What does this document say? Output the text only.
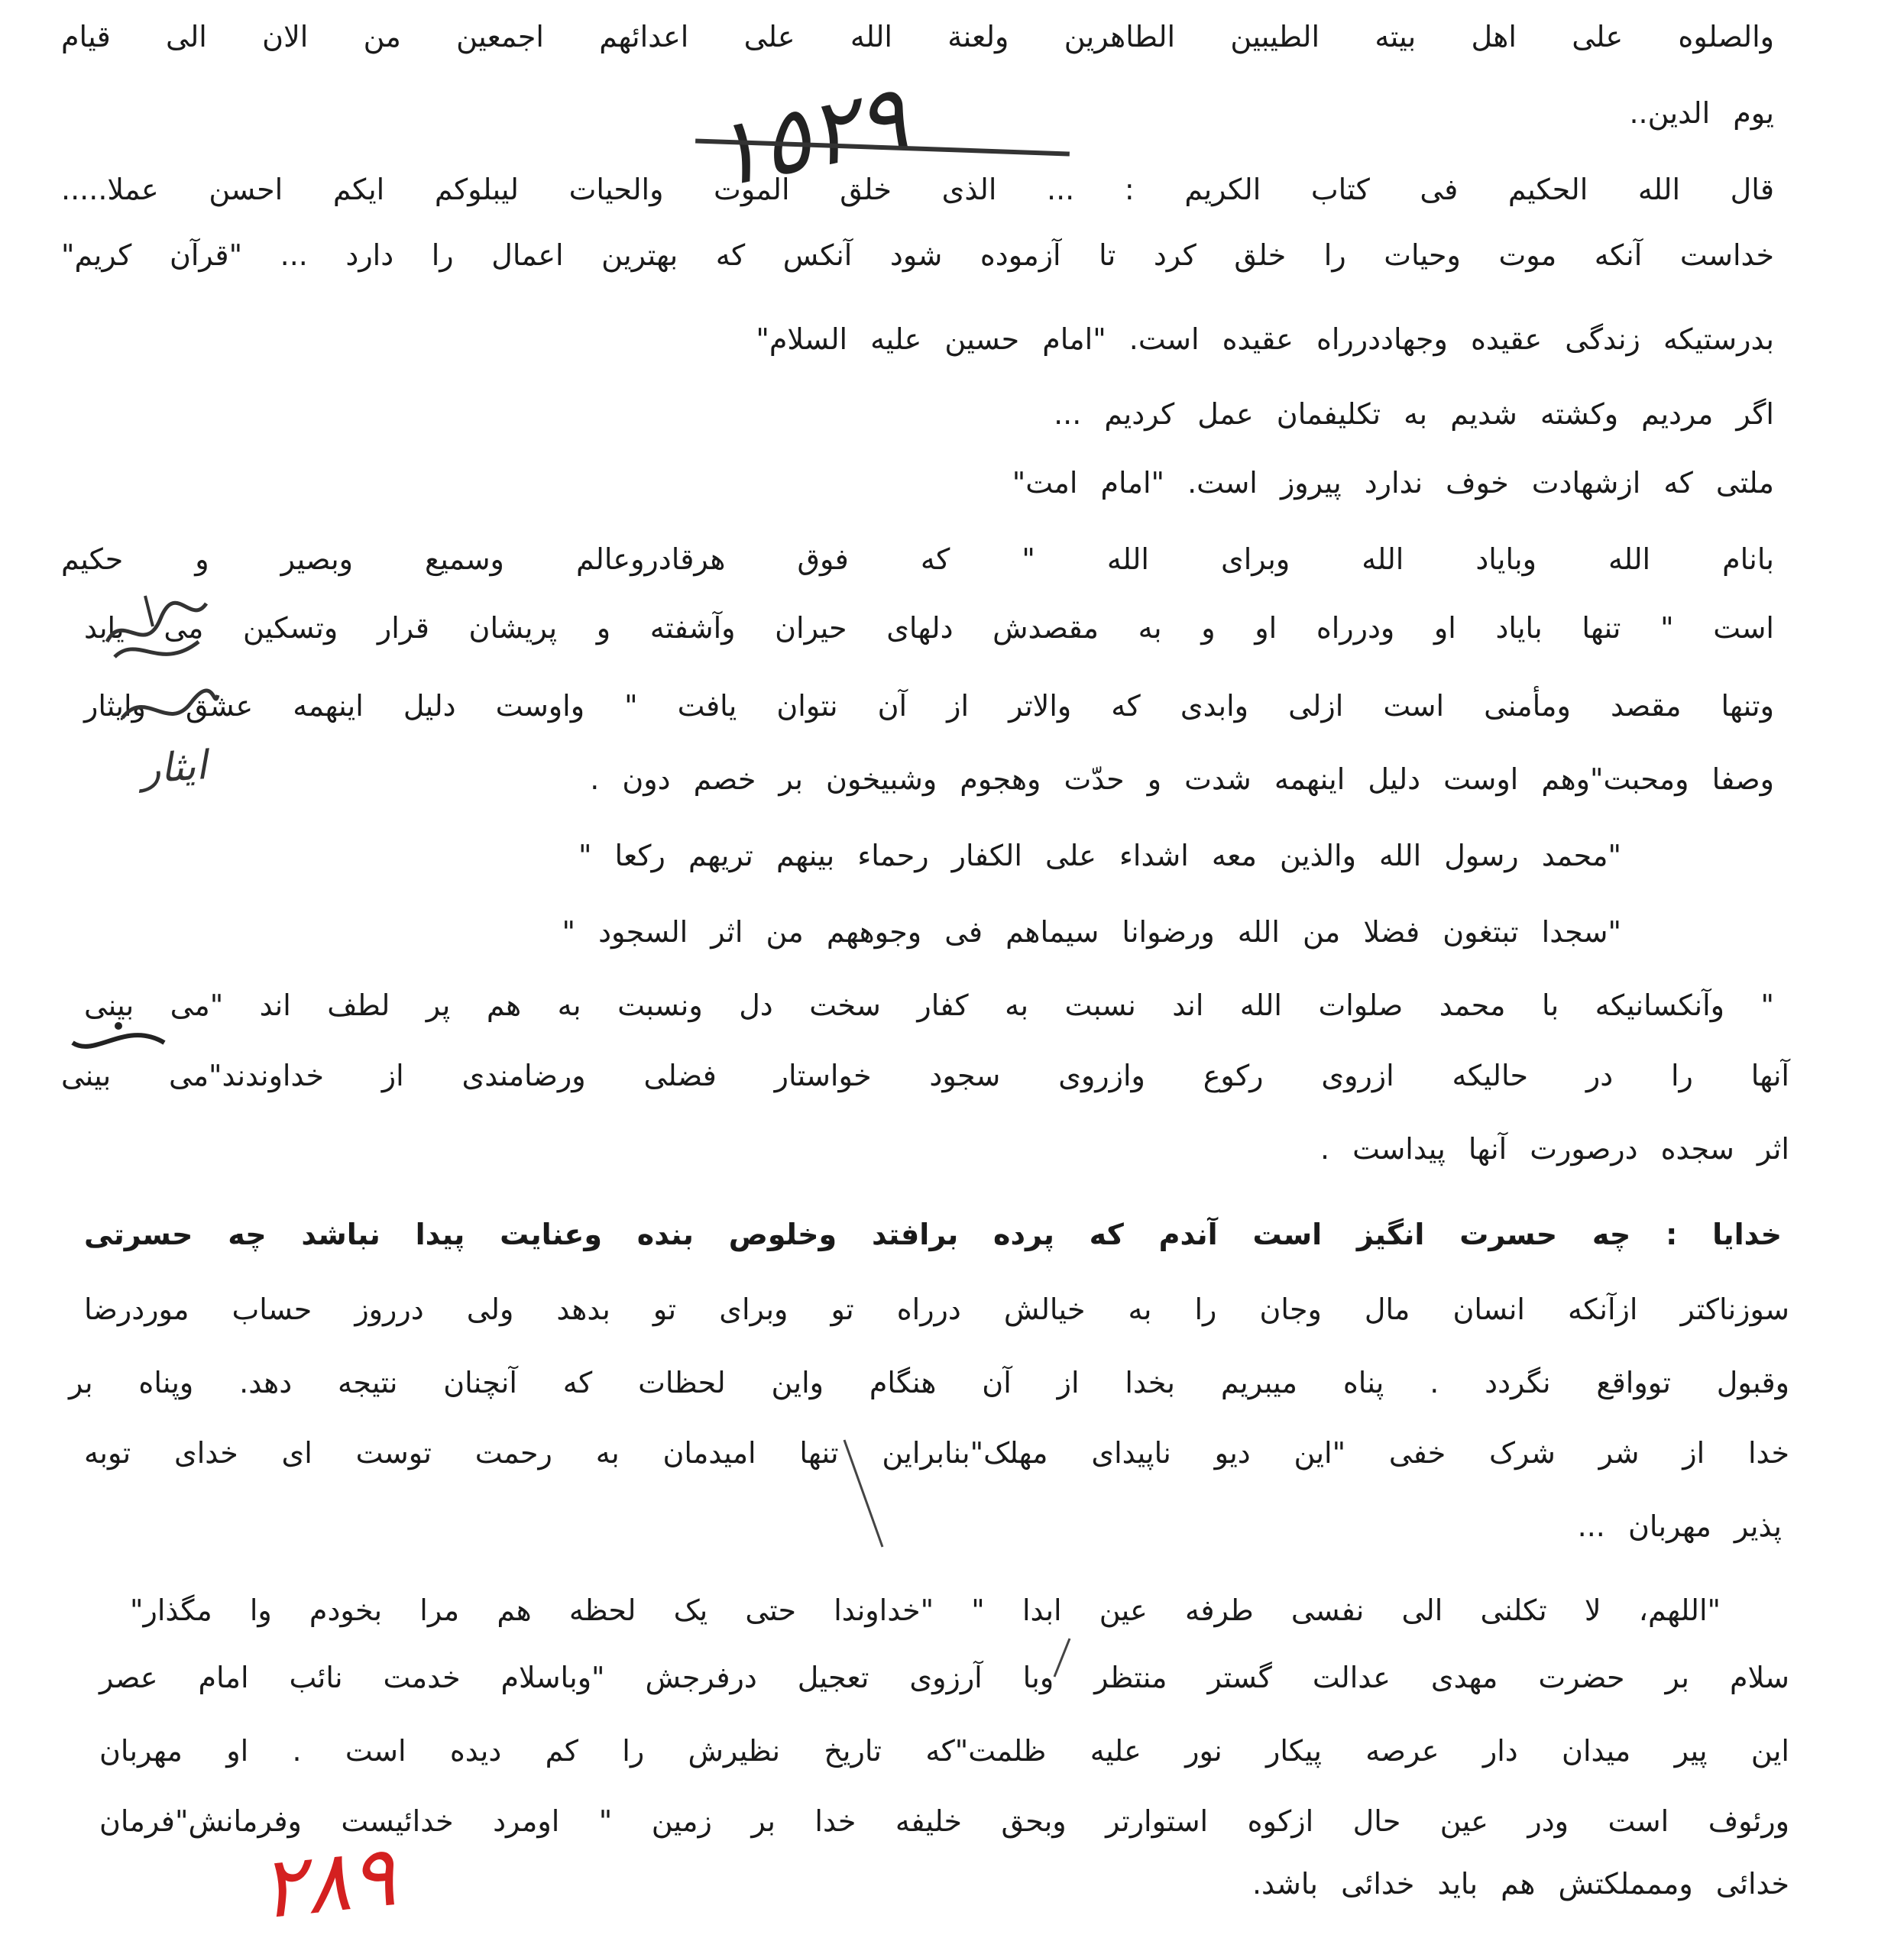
١٥٢٩
والصلوه علی اهل بیته الطیبین الطاهرین ولعنة الله علی اعدائهم اجمعین من الان الی قیام
یوم الدین..
قال الله الحکیم فی کتاب الکریم : ... الذی خلق الموت والحیات لیبلوکم ایکم احسن عملا.....
خداست آنکه موت وحیات را خلق کرد تا آزموده شود آنکس که بهترین اعمال را دارد ... "قرآن کریم"
بدرستیکه زندگی عقیده وجهاددرراه عقیده است. "امام حسین علیه السلام"
اگر مردیم وکشته شدیم به تکلیفمان عمل کردیم ...
ملتی که ازشهادت خوف ندارد پیروز است. "امام امت"
بانام الله وبایاد الله وبرای الله " که فوق هرقادروعالم وسمیع وبصیر و حکیم
است " تنها بایاد او ودرراه او و به مقصدش دلهای حیران وآشفته و پریشان قرار وتسکین می یابد
وتنها مقصد ومأمنی است ازلی وابدی که والاتر از آن نتوان یافت " واوست دلیل اینهمه عشق وایثار
وصفا ومحبت"وهم اوست دلیل اینهمه شدت و حدّت وهجوم وشبیخون بر خصم دون .
"محمد رسول الله والذین معه اشداء علی الکفار رحماء بینهم تریهم رکعا "
"سجدا تبتغون فضلا من الله ورضوانا سیماهم فی وجوههم من اثر السجود "
" وآنکسانیکه با محمد صلوات الله اند نسبت به کفار سخت دل ونسبت به هم پر لطف اند "می بینی
آنها را در حالیکه ازروی رکوع وازروی سجود خواستار فضلی ورضامندی از خداوندند"می بینی
اثر سجده درصورت آنها پیداست .
خدایا : چه حسرت انگیز است آندم که پرده برافتد وخلوص بنده وعنایت پیدا نباشد چه حسرتی
سوزناکتر ازآنکه انسان مال وجان را به خیالش درراه تو وبرای تو بدهد ولی درروز حساب موردرضا
وقبول توواقع نگردد . پناه میبریم بخدا از آن هنگام واین لحظات که آنچنان نتیجه دهد. وپناه بر
خدا از شر شرک خفی "این دیو ناپیدای مهلک"بنابراین تنها امیدمان به رحمت توست ای خدای توبه
پذیر مهربان ...
"اللهم، لا تکلنی الی نفسی طرفه عین ابدا " "خداوندا حتی یک لحظه هم مرا بخودم وا مگذار"
سلام بر حضرت مهدی عدالت گستر منتظر وبا آرزوی تعجیل درفرجش "وباسلام خدمت نائب امام عصر
این پیر میدان دار عرصه پیکار نور علیه ظلمت"که تاریخ نظیرش را کم دیده است . او مهربان
ورئوف است ودر عین حال ازکوه استوارتر وبحق خلیفه خدا بر زمین " اومرد خدائیست وفرمانش"فرمان
خدائی وممملکتش هم باید خدائی باشد.
ایثار
٢٨٩
